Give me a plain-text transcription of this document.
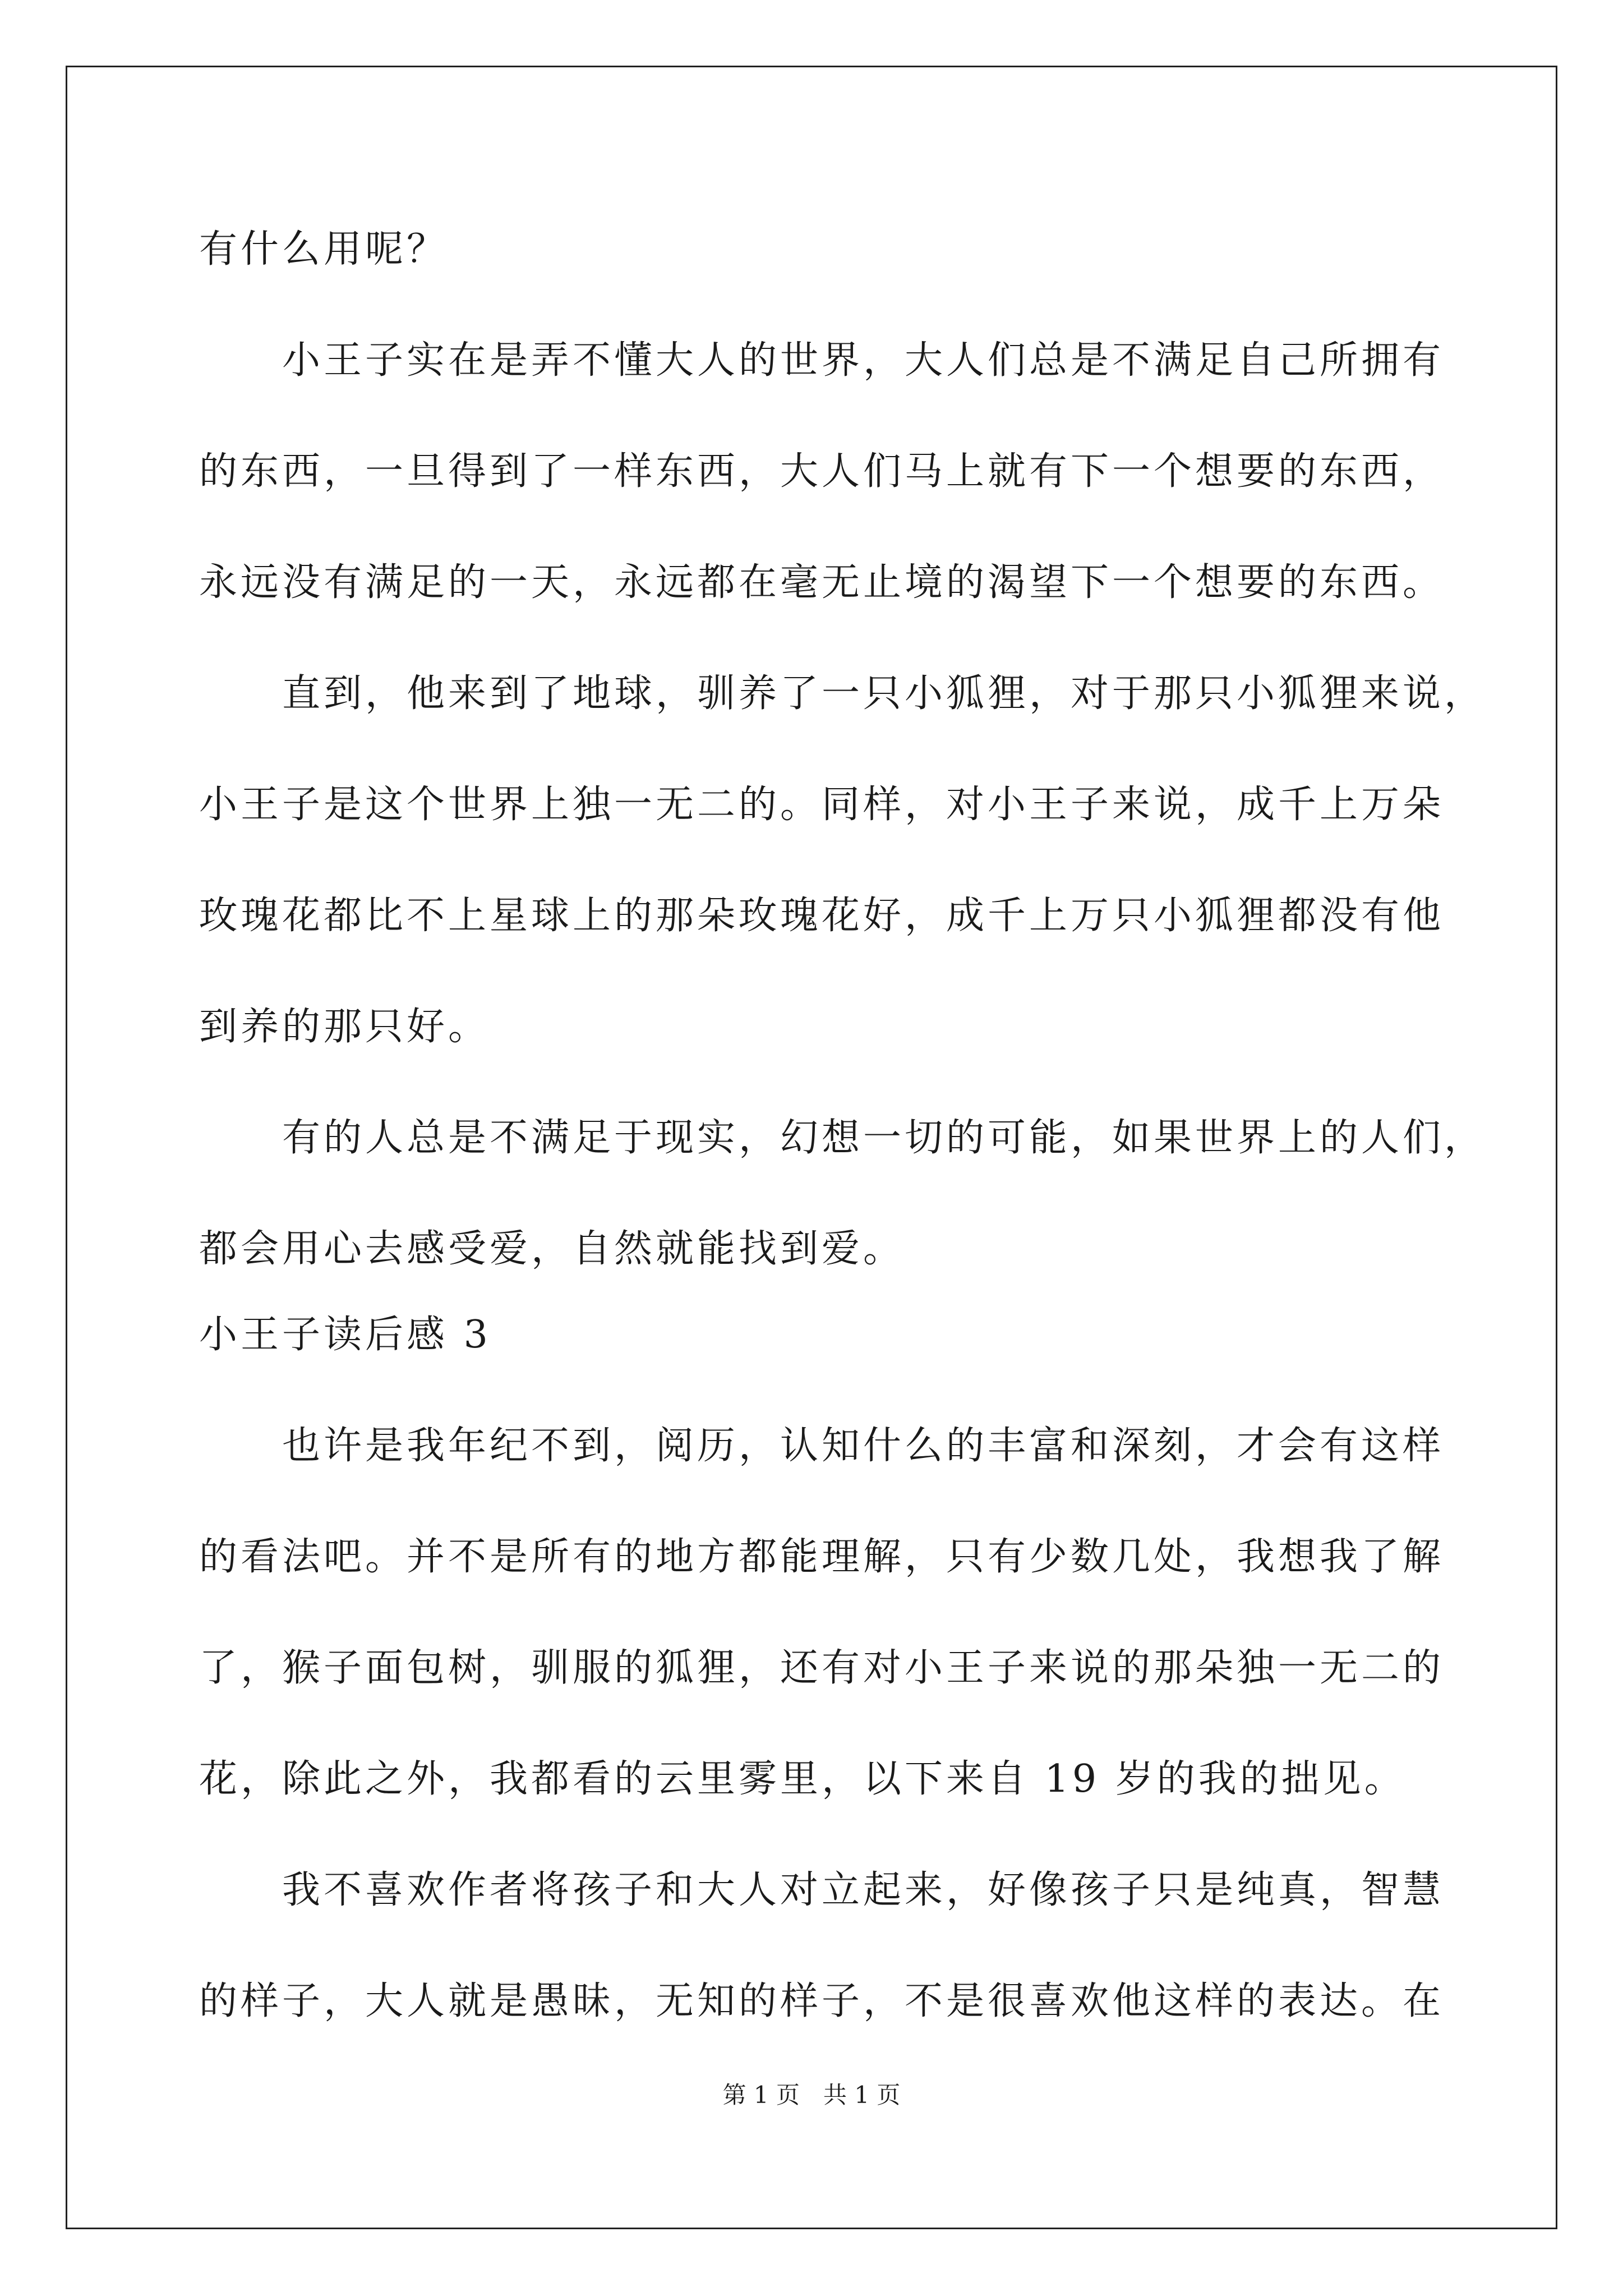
有什么用呢？
小王子实在是弄不懂大人的世界，大人们总是不满足自己所拥有
的东西，一旦得到了一样东西，大人们马上就有下一个想要的东西，
永远没有满足的一天，永远都在毫无止境的渴望下一个想要的东西。
直到，他来到了地球，驯养了一只小狐狸，对于那只小狐狸来说，
小王子是这个世界上独一无二的。同样，对小王子来说，成千上万朵
玫瑰花都比不上星球上的那朵玫瑰花好，成千上万只小狐狸都没有他
到养的那只好。
有的人总是不满足于现实，幻想一切的可能，如果世界上的人们，
都会用心去感受爱，自然就能找到爱。
小王子读后感 3
也许是我年纪不到，阅历，认知什么的丰富和深刻，才会有这样
的看法吧。并不是所有的地方都能理解，只有少数几处，我想我了解
了，猴子面包树，驯服的狐狸，还有对小王子来说的那朵独一无二的
花，除此之外，我都看的云里雾里，以下来自 19 岁的我的拙见。
我不喜欢作者将孩子和大人对立起来，好像孩子只是纯真，智慧
的样子，大人就是愚昧，无知的样子，不是很喜欢他这样的表达。在
第 1 页　共 1 页
